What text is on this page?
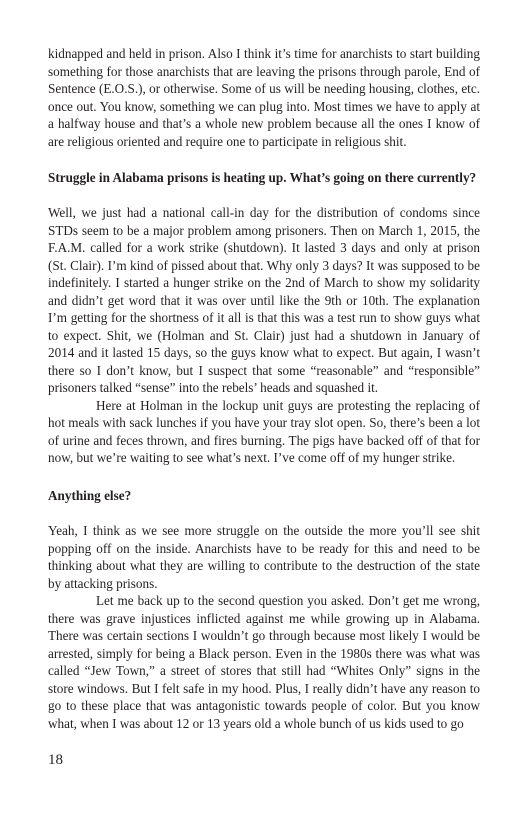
kidnapped and held in prison. Also I think it’s time for anarchists to start building something for those anarchists that are leaving the prisons through parole, End of Sentence (E.O.S.), or otherwise. Some of us will be needing housing, clothes, etc. once out. You know, something we can plug into. Most times we have to apply at a halfway house and that’s a whole new problem because all the ones I know of are religious oriented and require one to participate in religious shit.

Struggle in Alabama prisons is heating up. What’s going on there currently?

Well, we just had a national call-in day for the distribution of condoms since STDs seem to be a major problem among prisoners. Then on March 1, 2015, the F.A.M. called for a work strike (shutdown). It lasted 3 days and only at prison (St. Clair). I’m kind of pissed about that. Why only 3 days? It was supposed to be indefinitely. I started a hunger strike on the 2nd of March to show my solidarity and didn’t get word that it was over until like the 9th or 10th. The explanation I’m getting for the shortness of it all is that this was a test run to show guys what to expect. Shit, we (Holman and St. Clair) just had a shutdown in January of 2014 and it lasted 15 days, so the guys know what to expect. But again, I wasn’t there so I don’t know, but I suspect that some “reasonable” and “responsible” prisoners talked “sense” into the rebels’ heads and squashed it.

Here at Holman in the lockup unit guys are protesting the replacing of hot meals with sack lunches if you have your tray slot open. So, there’s been a lot of urine and feces thrown, and fires burning. The pigs have backed off of that for now, but we’re waiting to see what’s next. I’ve come off of my hunger strike.

Anything else?

Yeah, I think as we see more struggle on the outside the more you’ll see shit popping off on the inside. Anarchists have to be ready for this and need to be thinking about what they are willing to contribute to the destruction of the state by attacking prisons.

Let me back up to the second question you asked. Don’t get me wrong, there was grave injustices inflicted against me while growing up in Alabama. There was certain sections I wouldn’t go through because most likely I would be arrested, simply for being a Black person. Even in the 1980s there was what was called “Jew Town,” a street of stores that still had “Whites Only” signs in the store windows. But I felt safe in my hood. Plus, I really didn’t have any reason to go to these place that was antagonistic towards people of color. But you know what, when I was about 12 or 13 years old a whole bunch of us kids used to go

18
